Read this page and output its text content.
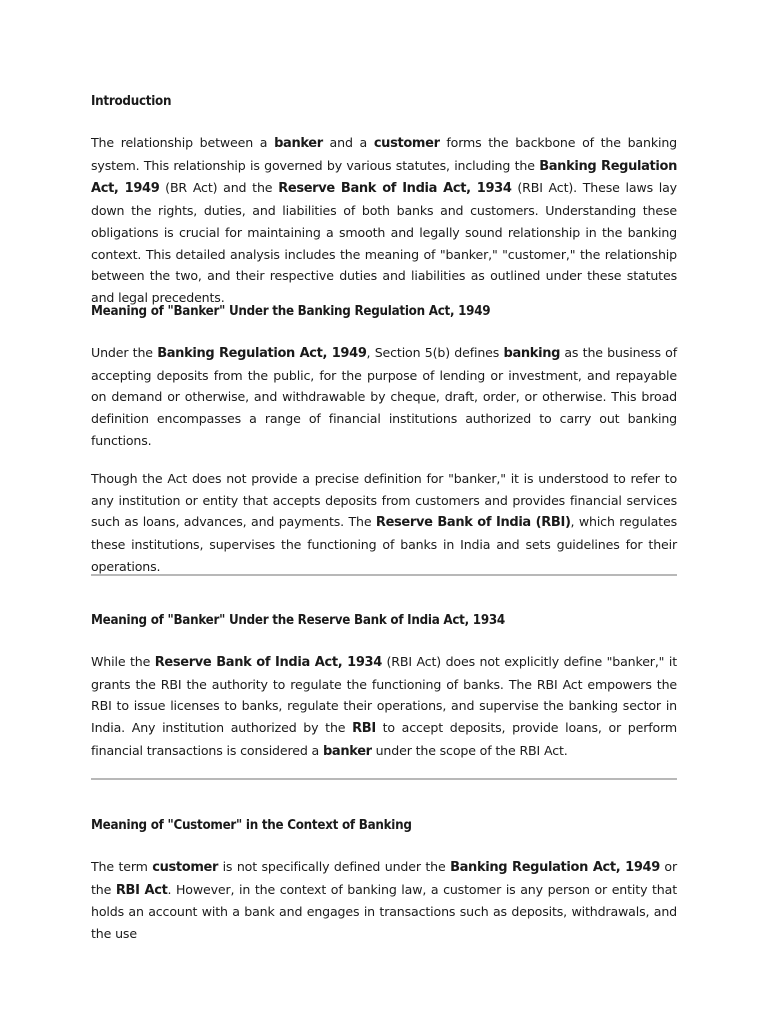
Introduction
The relationship between a banker and a customer forms the backbone of the banking system. This relationship is governed by various statutes, including the Banking Regulation Act, 1949 (BR Act) and the Reserve Bank of India Act, 1934 (RBI Act). These laws lay down the rights, duties, and liabilities of both banks and customers. Understanding these obligations is crucial for maintaining a smooth and legally sound relationship in the banking context. This detailed analysis includes the meaning of "banker," "customer," the relationship between the two, and their respective duties and liabilities as outlined under these statutes and legal precedents.
Meaning of "Banker" Under the Banking Regulation Act, 1949
Under the Banking Regulation Act, 1949, Section 5(b) defines banking as the business of accepting deposits from the public, for the purpose of lending or investment, and repayable on demand or otherwise, and withdrawable by cheque, draft, order, or otherwise. This broad definition encompasses a range of financial institutions authorized to carry out banking functions.
Though the Act does not provide a precise definition for "banker," it is understood to refer to any institution or entity that accepts deposits from customers and provides financial services such as loans, advances, and payments. The Reserve Bank of India (RBI), which regulates these institutions, supervises the functioning of banks in India and sets guidelines for their operations.
Meaning of "Banker" Under the Reserve Bank of India Act, 1934
While the Reserve Bank of India Act, 1934 (RBI Act) does not explicitly define "banker," it grants the RBI the authority to regulate the functioning of banks. The RBI Act empowers the RBI to issue licenses to banks, regulate their operations, and supervise the banking sector in India. Any institution authorized by the RBI to accept deposits, provide loans, or perform financial transactions is considered a banker under the scope of the RBI Act.
Meaning of "Customer" in the Context of Banking
The term customer is not specifically defined under the Banking Regulation Act, 1949 or the RBI Act. However, in the context of banking law, a customer is any person or entity that holds an account with a bank and engages in transactions such as deposits, withdrawals, and the use
